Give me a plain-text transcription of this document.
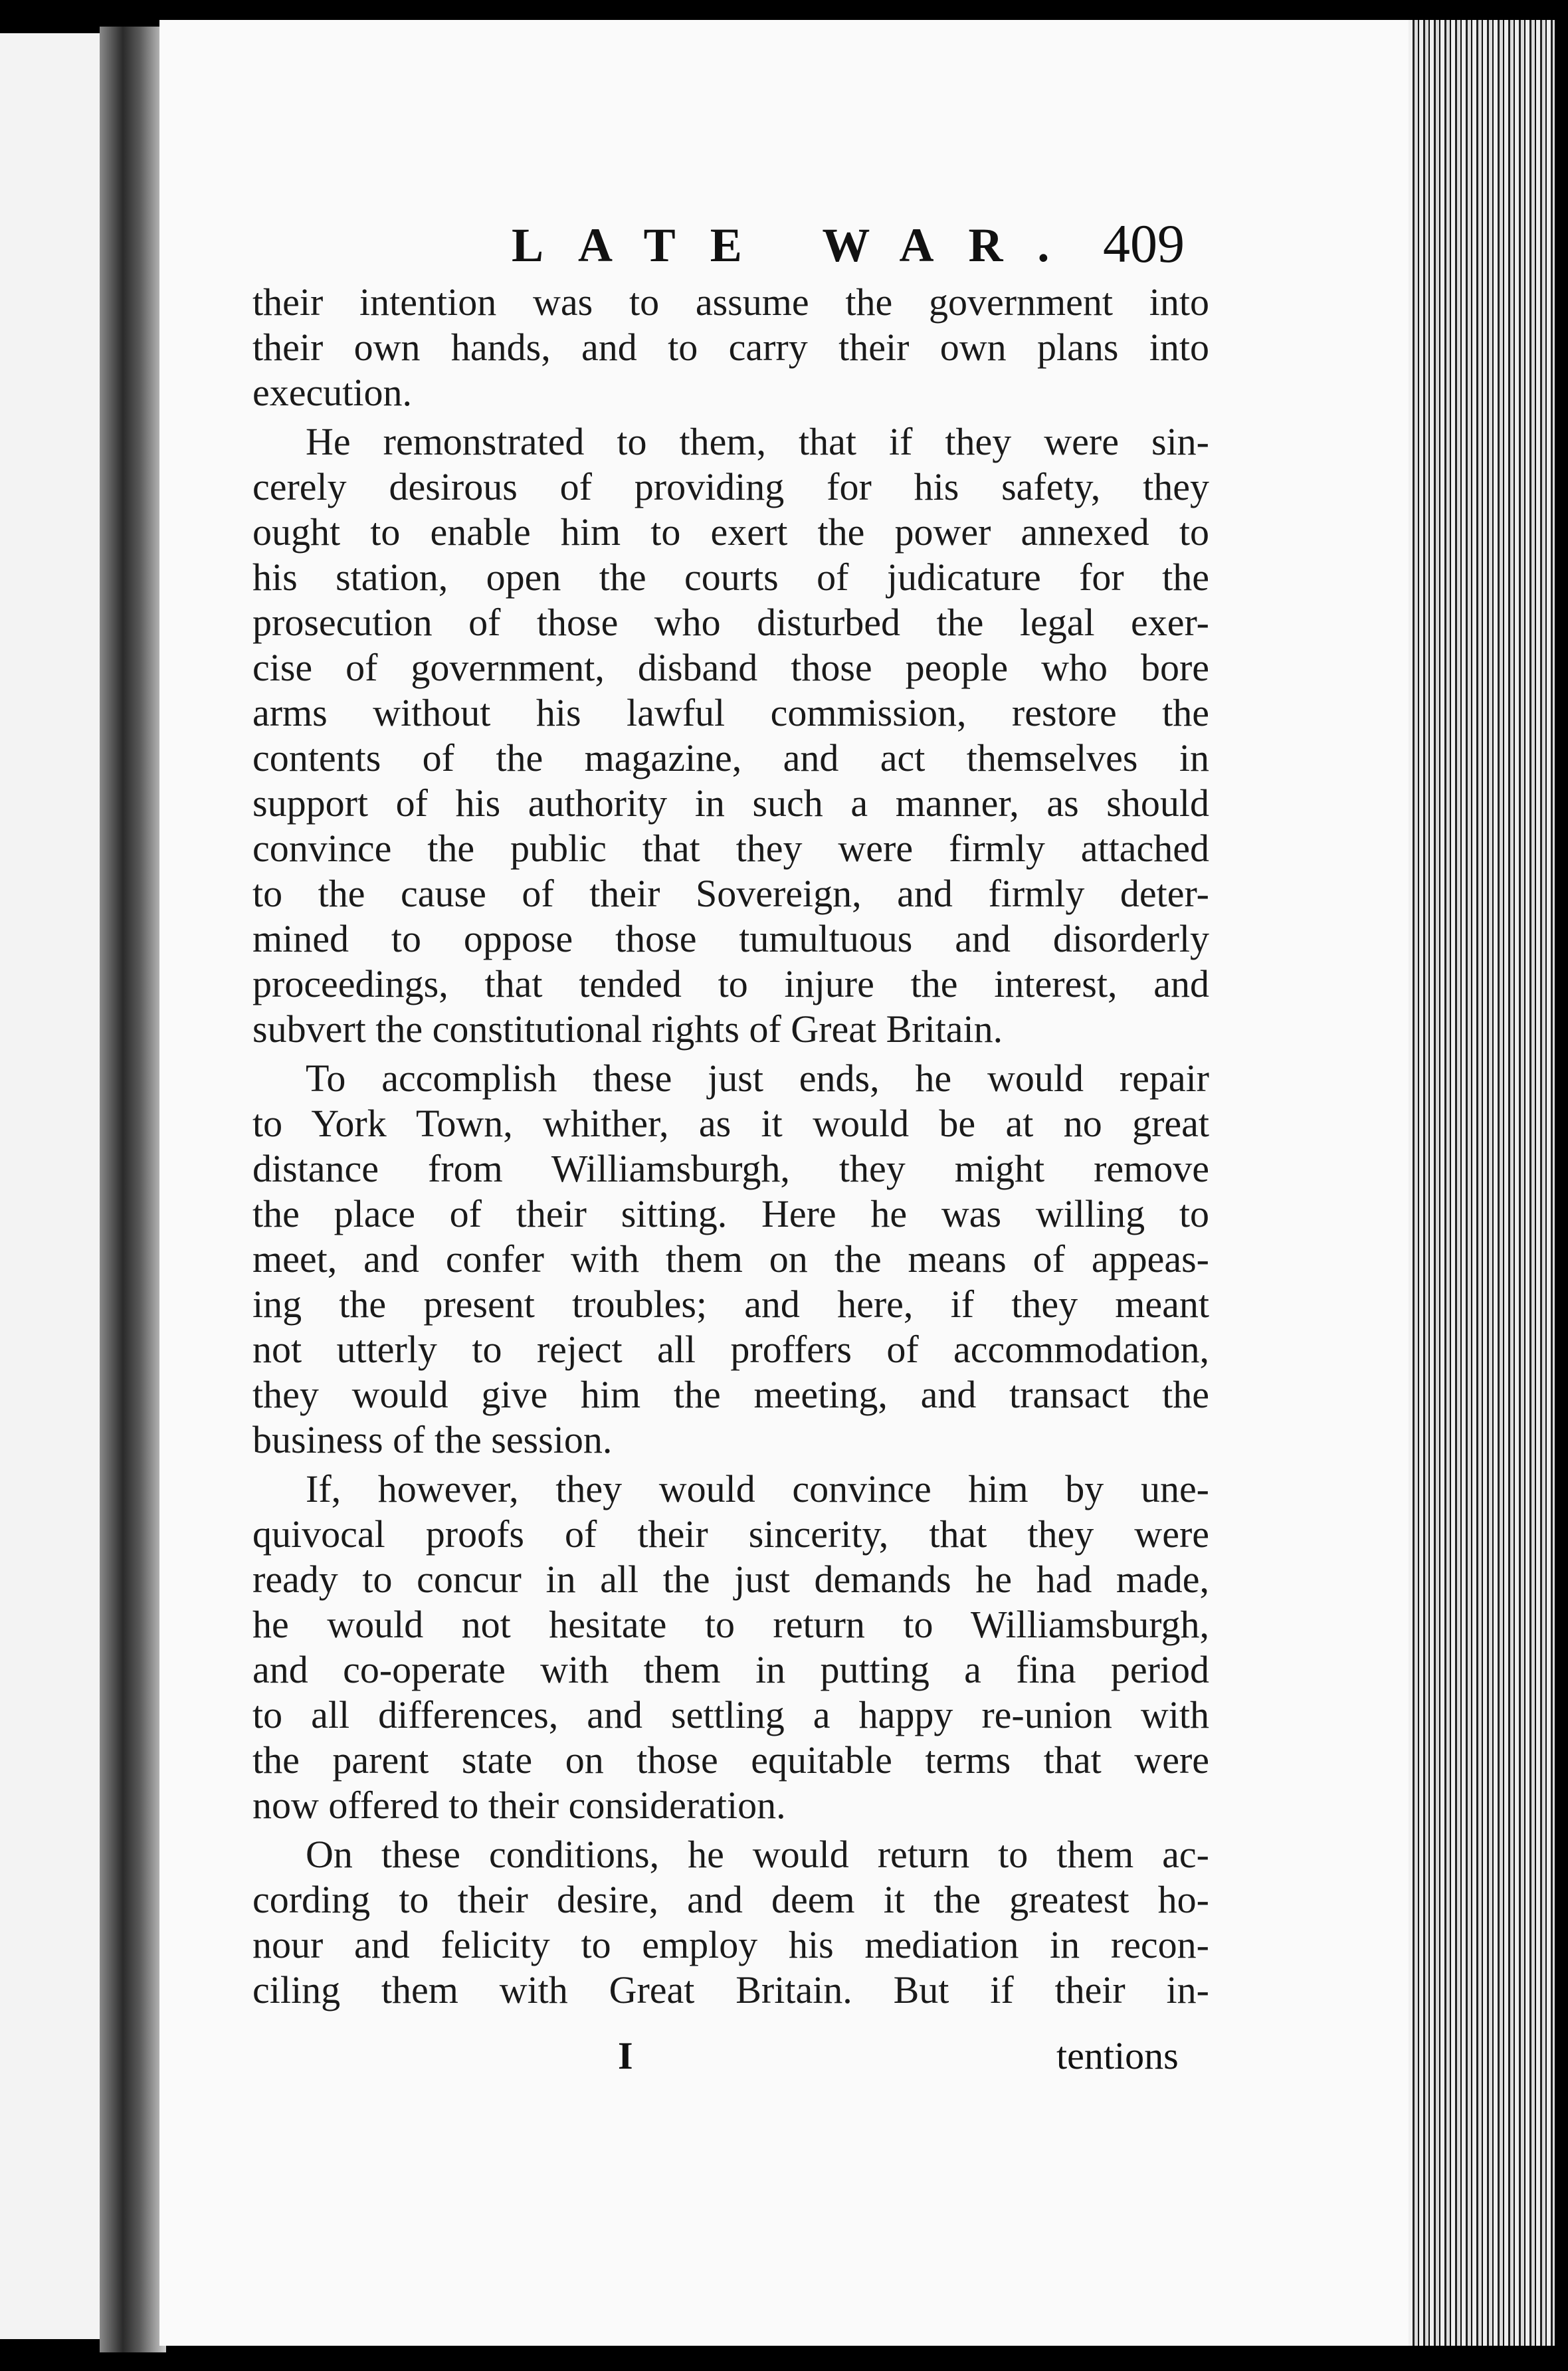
LATE WAR. 409
their intention was to assume the government into
their own hands, and to carry their own plans into
execution.
He remonstrated to them, that if they were sin-
cerely desirous of providing for his safety, they
ought to enable him to exert the power annexed to
his station, open the courts of judicature for the
prosecution of those who disturbed the legal exer-
cise of government, disband those people who bore
arms without his lawful commission, restore the
contents of the magazine, and act themselves in
support of his authority in such a manner, as should
convince the public that they were firmly attached
to the cause of their Sovereign, and firmly deter-
mined to oppose those tumultuous and disorderly
proceedings, that tended to injure the interest, and
subvert the constitutional rights of Great Britain.
To accomplish these just ends, he would repair
to York Town, whither, as it would be at no great
distance from Williamsburgh, they might remove
the place of their sitting. Here he was willing to
meet, and confer with them on the means of appeas-
ing the present troubles; and here, if they meant
not utterly to reject all proffers of accommodation,
they would give him the meeting, and transact the
business of the session.
If, however, they would convince him by une-
quivocal proofs of their sincerity, that they were
ready to concur in all the just demands he had made,
he would not hesitate to return to Williamsburgh,
and co-operate with them in putting a fina period
to all differences, and settling a happy re-union with
the parent state on those equitable terms that were
now offered to their consideration.
On these conditions, he would return to them ac-
cording to their desire, and deem it the greatest ho-
nour and felicity to employ his mediation in recon-
ciling them with Great Britain. But if their in-
I	tentions
